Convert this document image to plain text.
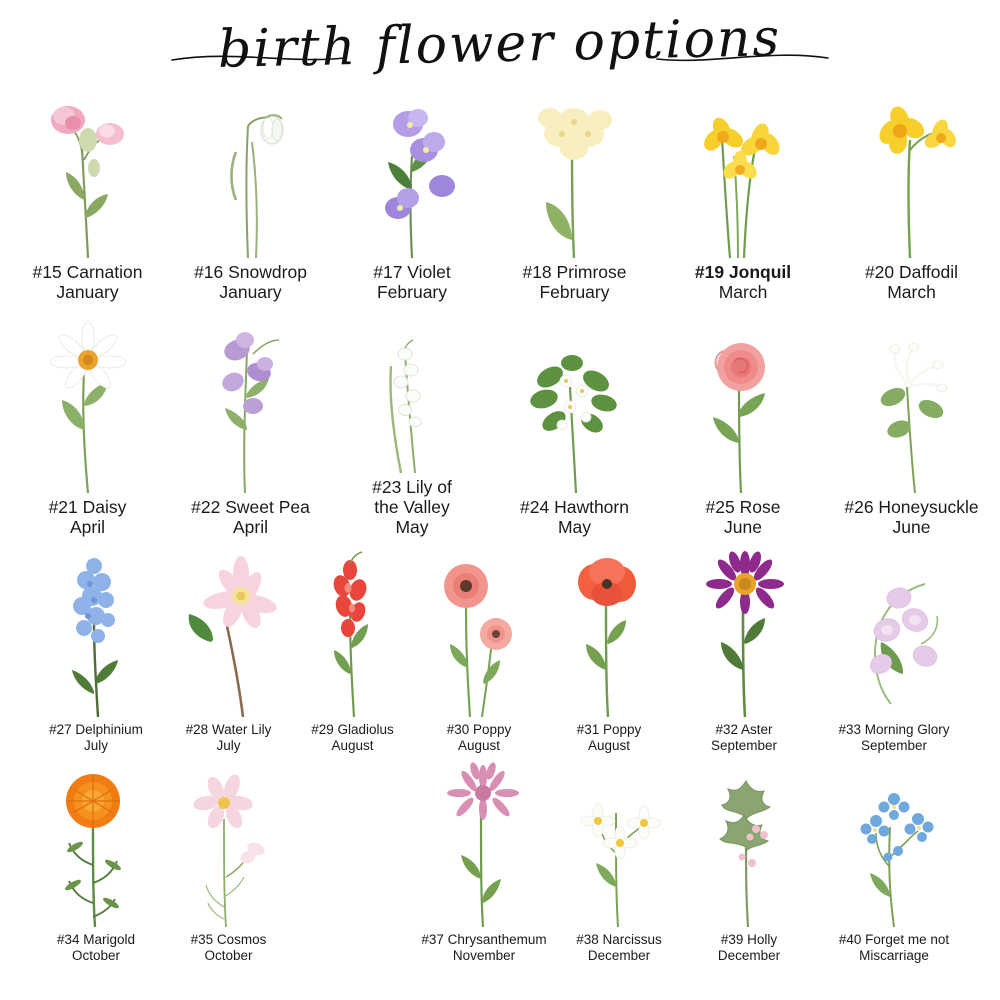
birth flower options
#15 Carnation
January
#16 Snowdrop
January
#17 Violet
February
#18 Primrose
February
#19 Jonquil
March
#20 Daffodil
March
#21 Daisy
April
#22 Sweet Pea
April
#23 Lily of
the Valley
May
#24 Hawthorn
May
#25 Rose
June
#26 Honeysuckle
June
#27 Delphinium
July
#28 Water Lily
July
#29 Gladiolus
August
#30 Poppy
August
#31 Poppy
August
#32 Aster
September
#33 Morning Glory
September
#34 Marigold
October
#35 Cosmos
October
#37 Chrysanthemum
November
#38 Narcissus
December
#39 Holly
December
#40 Forget me not
Miscarriage
